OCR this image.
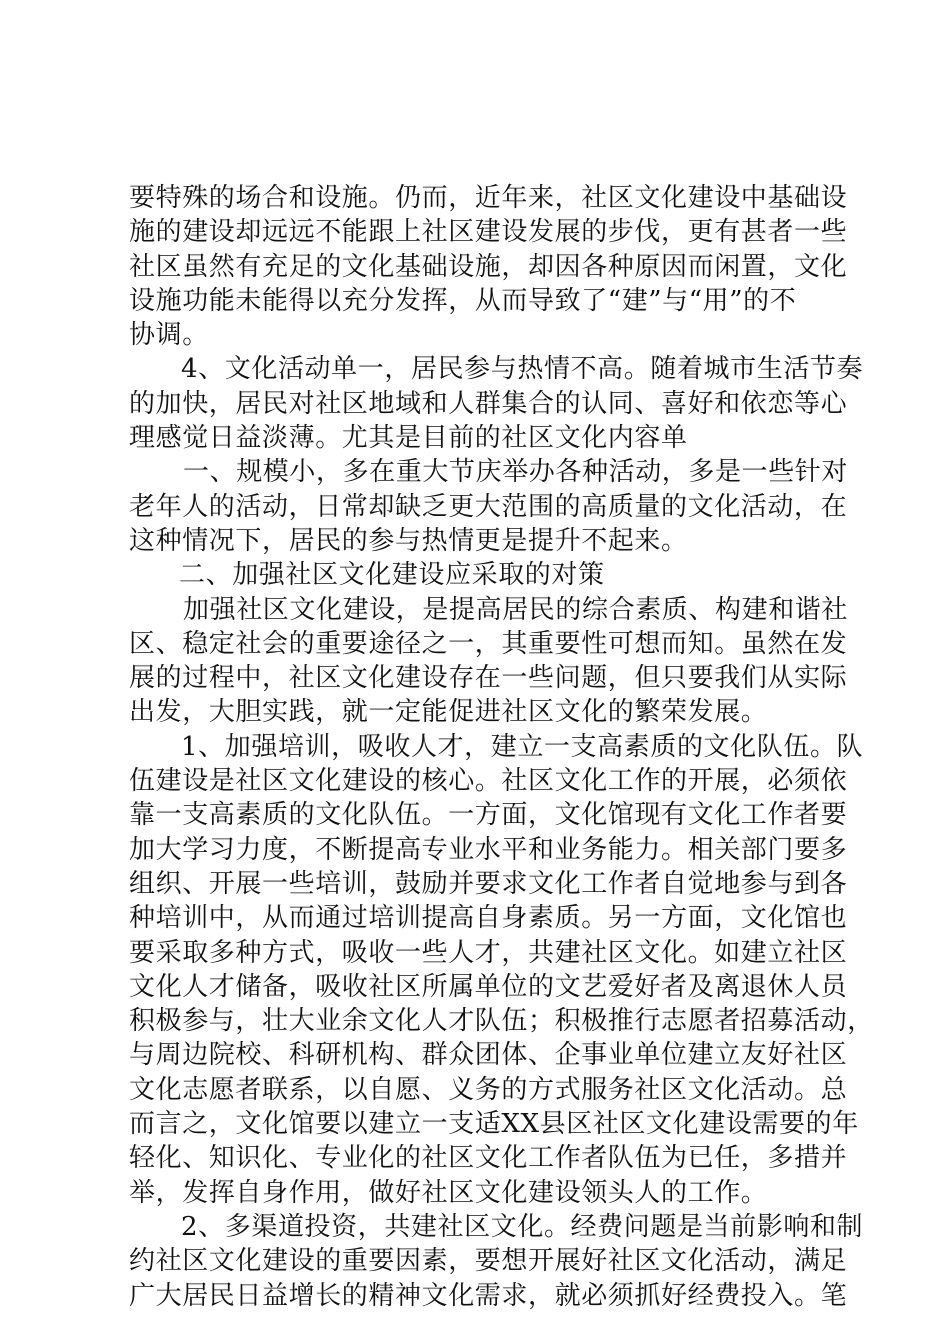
要特殊的场合和设施。仍而，近年来，社区文化建设中基础设
施的建设却远远不能跟上社区建设发展的步伐，更有甚者一些
社区虽然有充足的文化基础设施，却因各种原因而闲置，文化
设施功能未能得以充分发挥，从而导致了“建”与“用”的不
协调。
4、文化活动单一，居民参与热情不高。随着城市生活节奏
的加快，居民对社区地域和人群集合的认同、喜好和依恋等心
理感觉日益淡薄。尤其是目前的社区文化内容单
一、规模小，多在重大节庆举办各种活动，多是一些针对
老年人的活动，日常却缺乏更大范围的高质量的文化活动，在
这种情况下，居民的参与热情更是提升不起来。
二、加强社区文化建设应采取的对策
加强社区文化建设，是提高居民的综合素质、构建和谐社
区、稳定社会的重要途径之一，其重要性可想而知。虽然在发
展的过程中，社区文化建设存在一些问题，但只要我们从实际
出发，大胆实践，就一定能促进社区文化的繁荣发展。
1、加强培训，吸收人才，建立一支高素质的文化队伍。队
伍建设是社区文化建设的核心。社区文化工作的开展，必须依
靠一支高素质的文化队伍。一方面，文化馆现有文化工作者要
加大学习力度，不断提高专业水平和业务能力。相关部门要多
组织、开展一些培训，鼓励并要求文化工作者自觉地参与到各
种培训中，从而通过培训提高自身素质。另一方面，文化馆也
要采取多种方式，吸收一些人才，共建社区文化。如建立社区
文化人才储备，吸收社区所属单位的文艺爱好者及离退休人员
积极参与，壮大业余文化人才队伍；积极推行志愿者招募活动，
与周边院校、科研机构、群众团体、企事业单位建立友好社区
文化志愿者联系，以自愿、义务的方式服务社区文化活动。总
而言之，文化馆要以建立一支适XX县区社区文化建设需要的年
轻化、知识化、专业化的社区文化工作者队伍为已任，多措并
举，发挥自身作用，做好社区文化建设领头人的工作。
2、多渠道投资，共建社区文化。经费问题是当前影响和制
约社区文化建设的重要因素，要想开展好社区文化活动，满足
广大居民日益增长的精神文化需求，就必须抓好经费投入。笔
